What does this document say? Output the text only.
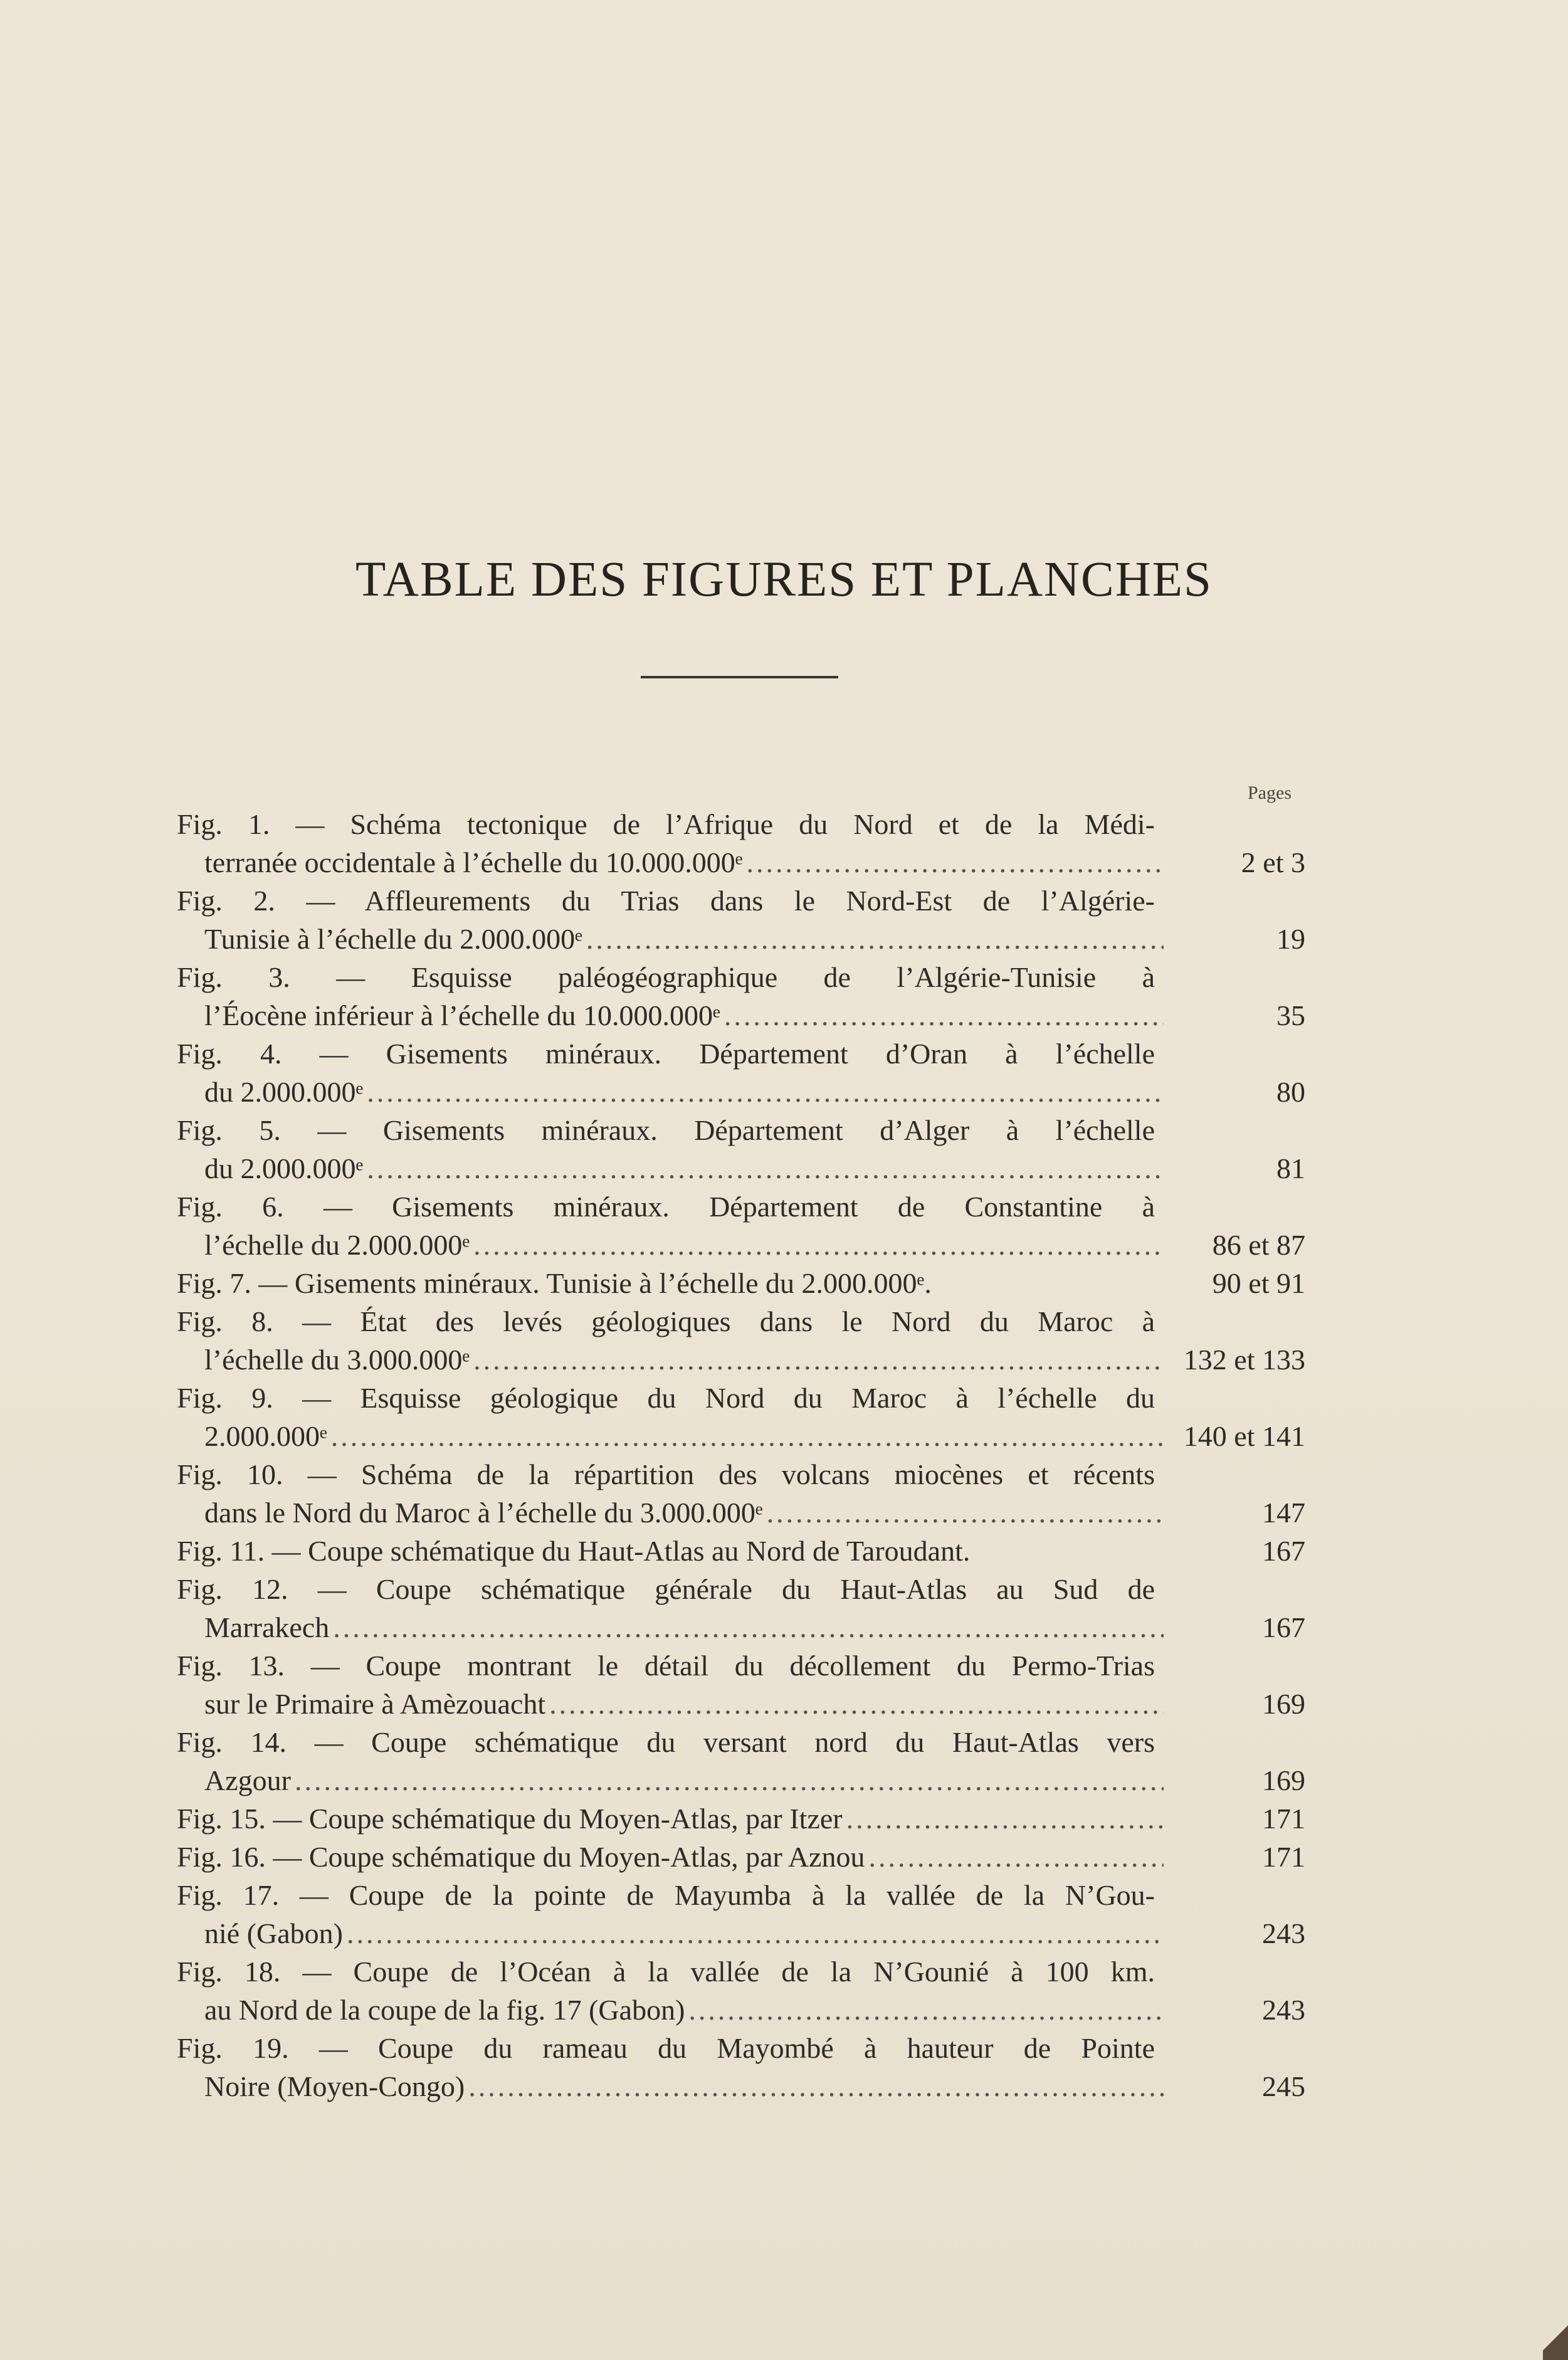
TABLE DES FIGURES ET PLANCHES
Pages
Fig. 1. — Schéma tectonique de l’Afrique du Nord et de la Médi-
terranée occidentale à l’échelle du 10.000.000ᵉ .....	2 et 3
Fig. 2. — Affleurements du Trias dans le Nord-Est de l’Algérie-
Tunisie à l’échelle du 2.000.000ᵉ .....	19
Fig. 3. — Esquisse paléogéographique de l’Algérie-Tunisie à
l’Éocène inférieur à l’échelle du 10.000.000ᵉ .....	35
Fig. 4. — Gisements minéraux. Département d’Oran à l’échelle
du 2.000.000ᵉ .....	80
Fig. 5. — Gisements minéraux. Département d’Alger à l’échelle
du 2.000.000ᵉ .....	81
Fig. 6. — Gisements minéraux. Département de Constantine à
l’échelle du 2.000.000ᵉ .....	86 et 87
Fig. 7. — Gisements minéraux. Tunisie à l’échelle du 2.000.000ᵉ.	90 et 91
Fig. 8. — État des levés géologiques dans le Nord du Maroc à
l’échelle du 3.000.000ᵉ .....	132 et 133
Fig. 9. — Esquisse géologique du Nord du Maroc à l’échelle du
2.000.000ᵉ .....	140 et 141
Fig. 10. — Schéma de la répartition des volcans miocènes et récents
dans le Nord du Maroc à l’échelle du 3.000.000ᵉ .....	147
Fig. 11. — Coupe schématique du Haut-Atlas au Nord de Taroudant.	167
Fig. 12. — Coupe schématique générale du Haut-Atlas au Sud de
Marrakech .....	167
Fig. 13. — Coupe montrant le détail du décollement du Permo-Trias
sur le Primaire à Amèzouacht .....	169
Fig. 14. — Coupe schématique du versant nord du Haut-Atlas vers
Azgour .....	169
Fig. 15. — Coupe schématique du Moyen-Atlas, par Itzer .....	171
Fig. 16. — Coupe schématique du Moyen-Atlas, par Aznou .....	171
Fig. 17. — Coupe de la pointe de Mayumba à la vallée de la N’Gou-
nié (Gabon) .....	243
Fig. 18. — Coupe de l’Océan à la vallée de la N’Gounié à 100 km.
au Nord de la coupe de la fig. 17 (Gabon) .....	243
Fig. 19. — Coupe du rameau du Mayombé à hauteur de Pointe
Noire (Moyen-Congo) .....	245
